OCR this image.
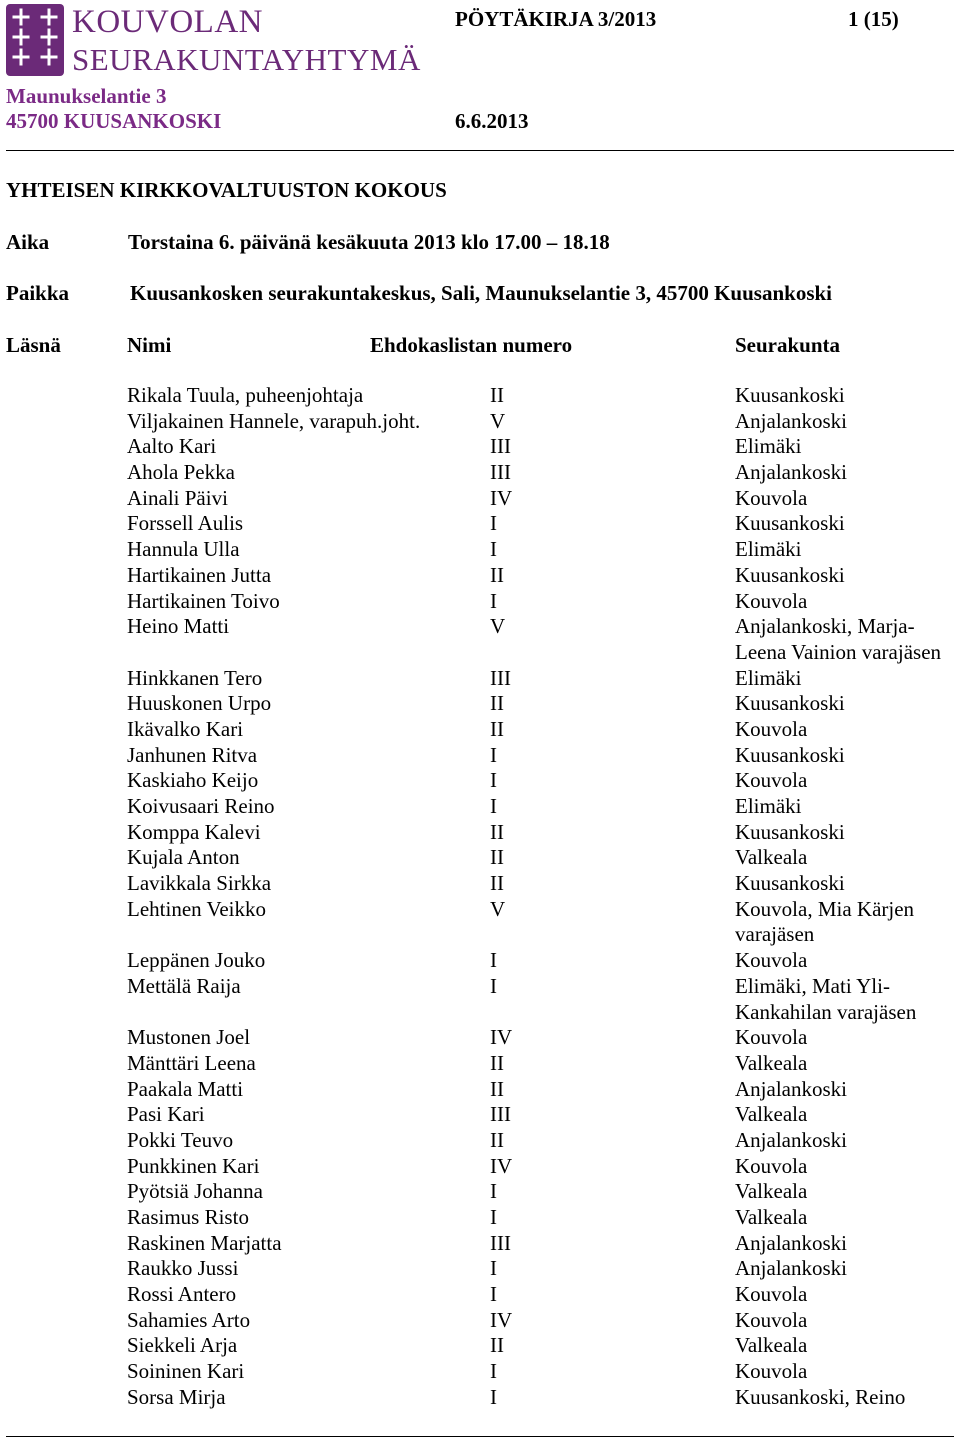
KOUVOLAN
SEURAKUNTAYHTYMÄ
Maunukselantie 3
45700 KUUSANKOSKI
PÖYTÄKIRJA 3/2013	1 (15)
6.6.2013
YHTEISEN KIRKKOVALTUUSTON KOKOUS
Aika	Torstaina 6. päivänä kesäkuuta 2013 klo 17.00 – 18.18
Paikka	Kuusankosken seurakuntakeskus, Sali, Maunukselantie 3, 45700 Kuusankoski
Läsnä	Nimi	Ehdokaslistan numero	Seurakunta
Rikala Tuula, puheenjohtaja	II	Kuusankoski
Viljakainen Hannele, varapuh.joht.	V	Anjalankoski
Aalto Kari	III	Elimäki
Ahola Pekka	III	Anjalankoski
Ainali Päivi	IV	Kouvola
Forssell Aulis	I	Kuusankoski
Hannula Ulla	I	Elimäki
Hartikainen Jutta	II	Kuusankoski
Hartikainen Toivo	I	Kouvola
Heino Matti	V	Anjalankoski, Marja-Leena Vainion varajäsen
Hinkkanen Tero	III	Elimäki
Huuskonen Urpo	II	Kuusankoski
Ikävalko Kari	II	Kouvola
Janhunen Ritva	I	Kuusankoski
Kaskiaho Keijo	I	Kouvola
Koivusaari Reino	I	Elimäki
Komppa Kalevi	II	Kuusankoski
Kujala Anton	II	Valkeala
Lavikkala Sirkka	II	Kuusankoski
Lehtinen Veikko	V	Kouvola, Mia Kärjen varajäsen
Leppänen Jouko	I	Kouvola
Mettälä Raija	I	Elimäki, Mati Yli-Kankahilan varajäsen
Mustonen Joel	IV	Kouvola
Mänttäri Leena	II	Valkeala
Paakala Matti	II	Anjalankoski
Pasi Kari	III	Valkeala
Pokki Teuvo	II	Anjalankoski
Punkkinen Kari	IV	Kouvola
Pyötsiä Johanna	I	Valkeala
Rasimus Risto	I	Valkeala
Raskinen Marjatta	III	Anjalankoski
Raukko Jussi	I	Anjalankoski
Rossi Antero	I	Kouvola
Sahamies Arto	IV	Kouvola
Siekkeli Arja	II	Valkeala
Soininen Kari	I	Kouvola
Sorsa Mirja	I	Kuusankoski, Reino
